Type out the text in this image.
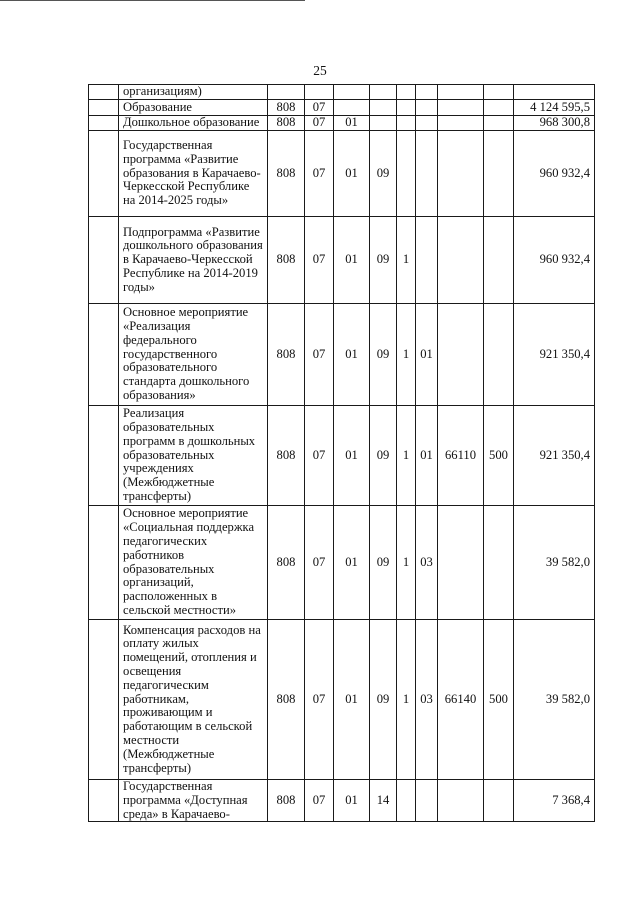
25
	организациям)									
	Образование	808	07							4 124 595,5
	Дошкольное образование	808	07	01						968 300,8
	Государственная программа «Развитие образования в Карачаево-Черкесской Республике на 2014-2025 годы»	808	07	01	09					960 932,4
	Подпрограмма «Развитие дошкольного образования в Карачаево-Черкесской Республике на 2014-2019 годы»	808	07	01	09	1				960 932,4
	Основное мероприятие «Реализация федерального государственного образовательного стандарта дошкольного образования»	808	07	01	09	1	01			921 350,4
	Реализация образовательных программ в дошкольных образовательных учреждениях (Межбюджетные трансферты)	808	07	01	09	1	01	66110	500	921 350,4
	Основное мероприятие «Социальная поддержка педагогических работников образовательных организаций, расположенных в сельской местности»	808	07	01	09	1	03			39 582,0
	Компенсация расходов на оплату жилых помещений, отопления и освещения педагогическим работникам, проживающим и работающим в сельской местности (Межбюджетные трансферты)	808	07	01	09	1	03	66140	500	39 582,0
	Государственная программа «Доступная среда» в Карачаево-	808	07	01	14					7 368,4
